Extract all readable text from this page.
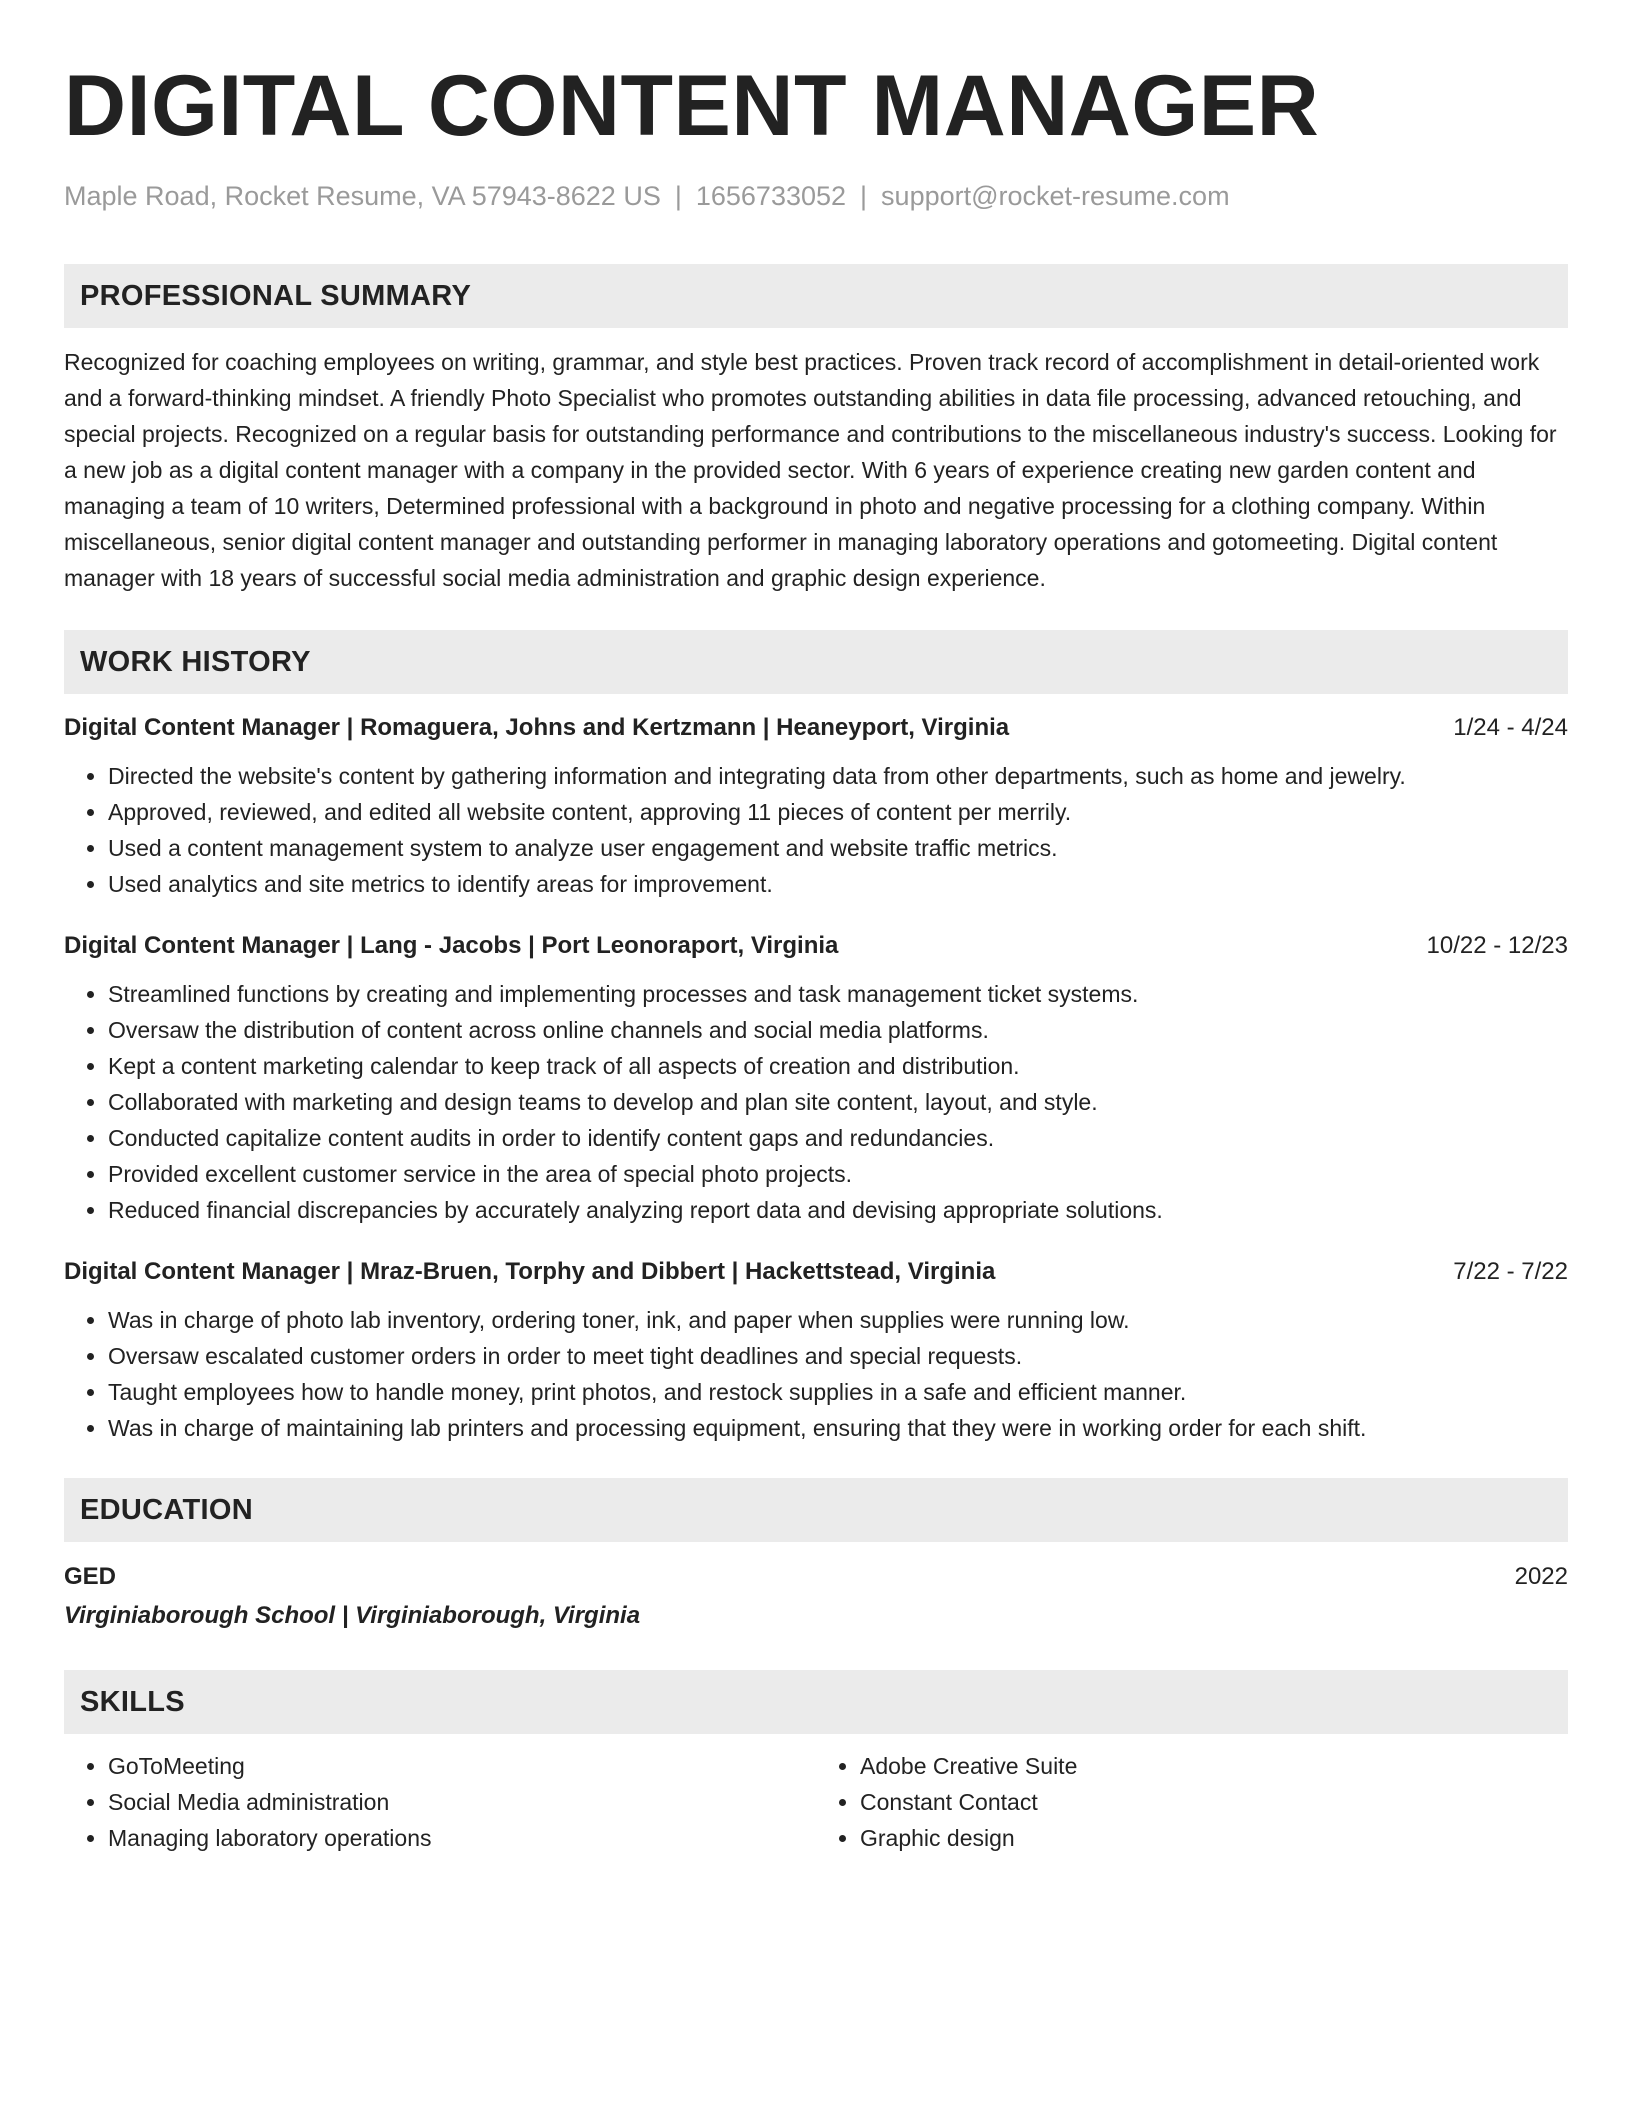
DIGITAL CONTENT MANAGER
Maple Road, Rocket Resume, VA 57943-8622 US | 1656733052 | support@rocket-resume.com
PROFESSIONAL SUMMARY
Recognized for coaching employees on writing, grammar, and style best practices. Proven track record of accomplishment in detail-oriented work and a forward-thinking mindset. A friendly Photo Specialist who promotes outstanding abilities in data file processing, advanced retouching, and special projects. Recognized on a regular basis for outstanding performance and contributions to the miscellaneous industry's success. Looking for a new job as a digital content manager with a company in the provided sector. With 6 years of experience creating new garden content and managing a team of 10 writers, Determined professional with a background in photo and negative processing for a clothing company. Within miscellaneous, senior digital content manager and outstanding performer in managing laboratory operations and gotomeeting. Digital content manager with 18 years of successful social media administration and graphic design experience.
WORK HISTORY
Digital Content Manager | Romaguera, Johns and Kertzmann | Heaneyport, Virginia	1/24 - 4/24
• Directed the website's content by gathering information and integrating data from other departments, such as home and jewelry.
• Approved, reviewed, and edited all website content, approving 11 pieces of content per merrily.
• Used a content management system to analyze user engagement and website traffic metrics.
• Used analytics and site metrics to identify areas for improvement.
Digital Content Manager | Lang - Jacobs | Port Leonoraport, Virginia	10/22 - 12/23
• Streamlined functions by creating and implementing processes and task management ticket systems.
• Oversaw the distribution of content across online channels and social media platforms.
• Kept a content marketing calendar to keep track of all aspects of creation and distribution.
• Collaborated with marketing and design teams to develop and plan site content, layout, and style.
• Conducted capitalize content audits in order to identify content gaps and redundancies.
• Provided excellent customer service in the area of special photo projects.
• Reduced financial discrepancies by accurately analyzing report data and devising appropriate solutions.
Digital Content Manager | Mraz-Bruen, Torphy and Dibbert | Hackettstead, Virginia	7/22 - 7/22
• Was in charge of photo lab inventory, ordering toner, ink, and paper when supplies were running low.
• Oversaw escalated customer orders in order to meet tight deadlines and special requests.
• Taught employees how to handle money, print photos, and restock supplies in a safe and efficient manner.
• Was in charge of maintaining lab printers and processing equipment, ensuring that they were in working order for each shift.
EDUCATION
GED	2022
Virginiaborough School | Virginiaborough, Virginia
SKILLS
• GoToMeeting
• Social Media administration
• Managing laboratory operations
• Adobe Creative Suite
• Constant Contact
• Graphic design
